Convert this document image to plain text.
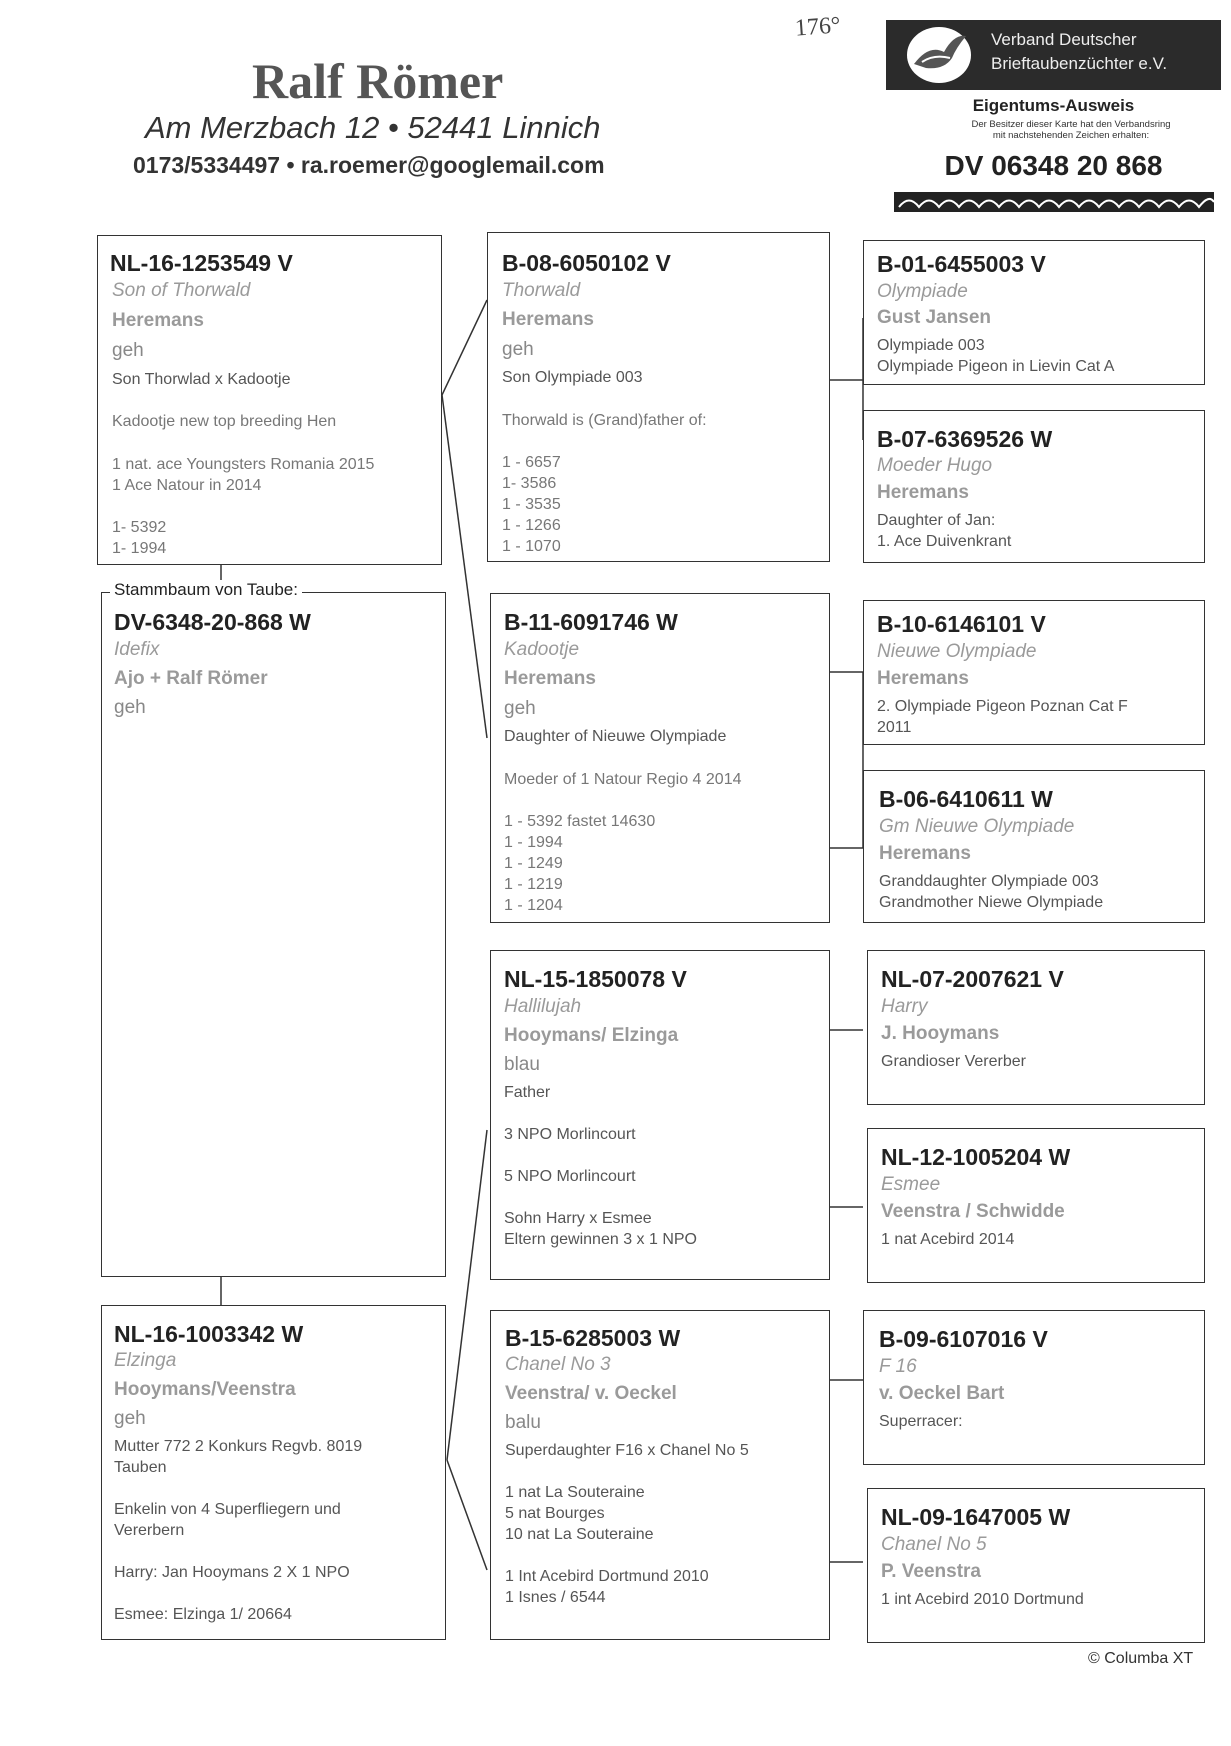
Ralf Römer
Am Merzbach 12 • 52441 Linnich
0173/5334497 • ra.roemer@googlemail.com
176°	Verband Deutscher
Brieftaubenzüchter e.V.
Eigentums-Ausweis
Der Besitzer dieser Karte hat den Verbandsring
mit nachstehenden Zeichen erhalten:
DV 06348 20 868
NL-16-1253549 V
Son of Thorwald
Heremans
geh
Son Thorwlad x Kadootje
Kadootje new top breeding Hen
1 nat. ace Youngsters Romania 2015
1 Ace Natour in 2014
1- 5392
1- 1994
DV-6348-20-868 W
Idefix
Ajo + Ralf Römer
geh
Stammbaum von Taube:
NL-16-1003342 W
Elzinga
Hooymans/Veenstra
geh
Mutter 772 2 Konkurs Regvb. 8019
Tauben
Enkelin von 4 Superfliegern und
Vererbern
Harry: Jan Hooymans 2 X 1 NPO
Esmee: Elzinga 1/ 20664
B-08-6050102 V
Thorwald
Heremans
geh
Son Olympiade 003
Thorwald is (Grand)father of:
1 - 6657
1- 3586
1 - 3535
1 - 1266
1 - 1070
B-11-6091746 W
Kadootje
Heremans
geh
Daughter of Nieuwe Olympiade
Moeder of 1 Natour Regio 4 2014
1 - 5392 fastet 14630
1 - 1994
1 - 1249
1 - 1219
1 - 1204
NL-15-1850078 V
Hallilujah
Hooymans/ Elzinga
blau
Father
3 NPO Morlincourt
5 NPO Morlincourt
Sohn Harry x Esmee
Eltern gewinnen 3 x 1 NPO
B-15-6285003 W
Chanel No 3
Veenstra/ v. Oeckel
balu
Superdaughter F16 x Chanel No 5
1 nat La Souteraine
5 nat Bourges
10 nat La Souteraine
1 Int Acebird Dortmund 2010
1 Isnes / 6544
B-01-6455003 V
Olympiade
Gust Jansen
Olympiade 003
Olympiade Pigeon in Lievin Cat A
B-07-6369526 W
Moeder Hugo
Heremans
Daughter of Jan:
1. Ace Duivenkrant
B-10-6146101 V
Nieuwe Olympiade
Heremans
2. Olympiade Pigeon Poznan Cat F
2011
B-06-6410611 W
Gm Nieuwe Olympiade
Heremans
Granddaughter Olympiade 003
Grandmother Niewe Olympiade
NL-07-2007621 V
Harry
J. Hooymans
Grandioser Vererber
NL-12-1005204 W
Esmee
Veenstra / Schwidde
1 nat Acebird 2014
B-09-6107016 V
F 16
v. Oeckel Bart
Superracer:
NL-09-1647005 W
Chanel No 5
P. Veenstra
1 int Acebird 2010 Dortmund
© Columba XT
